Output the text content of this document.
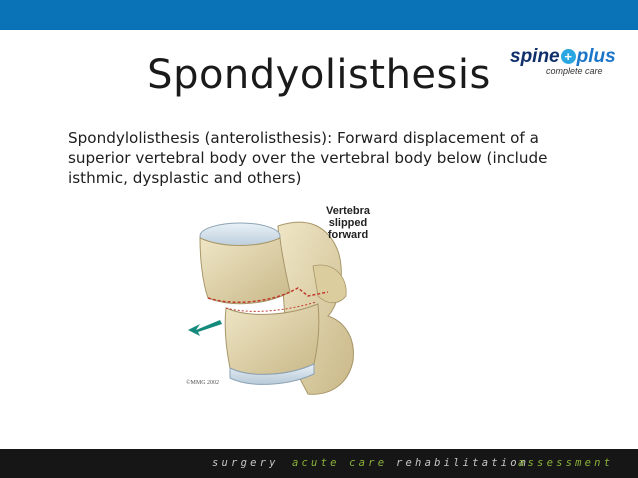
Spondyolisthesis	spine + plus
complete care
Spondylolisthesis (anterolisthesis): Forward displacement of a superior vertebral body over the vertebral body below (include isthmic, dysplastic and others)
Vertebra
slipped
forward
©MMG 2002
surgery acute care rehabilitation
assessment
